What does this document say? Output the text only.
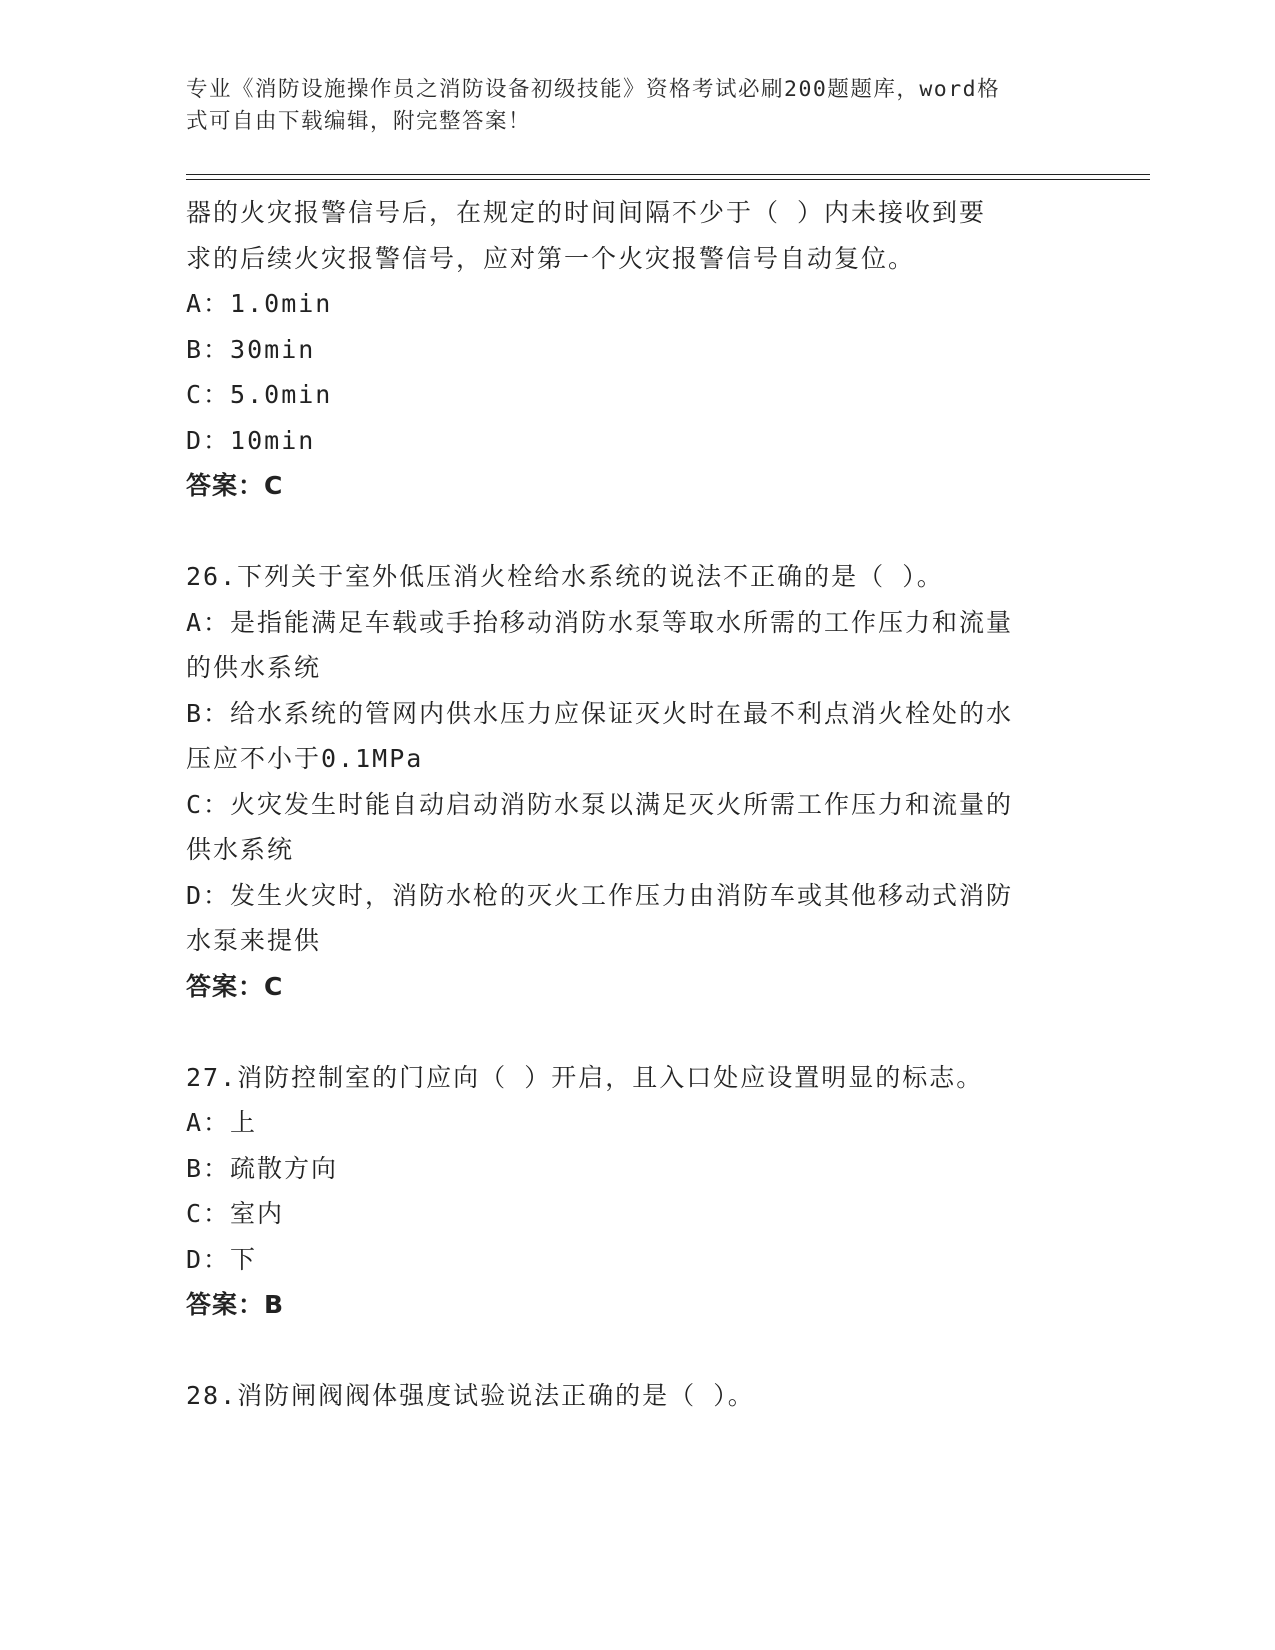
专业《消防设施操作员之消防设备初级技能》资格考试必刷200题题库，word格
式可自由下载编辑，附完整答案！
器的火灾报警信号后，在规定的时间间隔不少于（ ）内未接收到要
求的后续火灾报警信号，应对第一个火灾报警信号自动复位。
A：1.0min
B：30min
C：5.0min
D：10min
答案：C
26.下列关于室外低压消火栓给水系统的说法不正确的是（ ）。
A：是指能满足车载或手抬移动消防水泵等取水所需的工作压力和流量
的供水系统
B：给水系统的管网内供水压力应保证灭火时在最不利点消火栓处的水
压应不小于0.1MPa
C：火灾发生时能自动启动消防水泵以满足灭火所需工作压力和流量的
供水系统
D：发生火灾时，消防水枪的灭火工作压力由消防车或其他移动式消防
水泵来提供
答案：C
27.消防控制室的门应向（ ）开启，且入口处应设置明显的标志。
A：上
B：疏散方向
C：室内
D：下
答案：B
28.消防闸阀阀体强度试验说法正确的是（ ）。
